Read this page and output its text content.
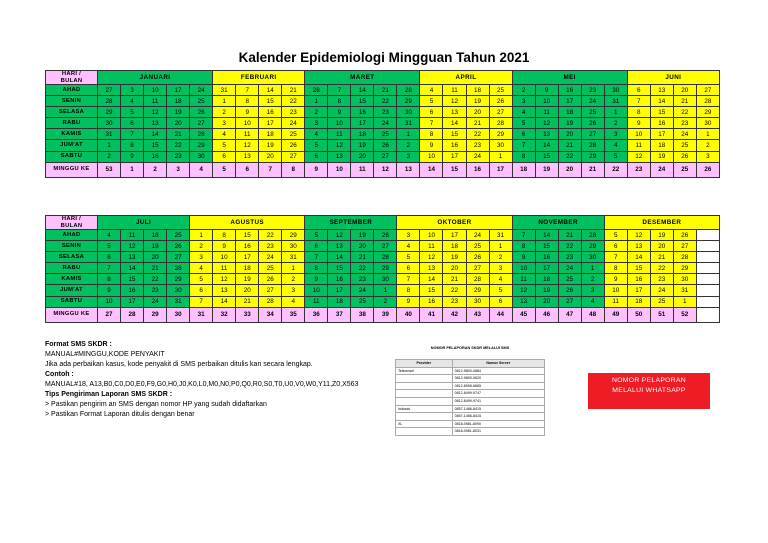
Kalender Epidemiologi Mingguan Tahun 2021
HARI /
BULAN	JANUARI					FEBRUARI				MARET					APRIL				MEI					JUNI			
AHAD	27	3	10	17	24	31	7	14	21	28	7	14	21	28	4	11	18	25	2	9	16	23	30	6	13	20	27
SENIN	28	4	11	18	25	1	8	15	22	1	8	15	22	29	5	12	19	26	3	10	17	24	31	7	14	21	28
SELASA	29	5	12	19	26	2	9	16	23	2	9	16	23	30	6	13	20	27	4	11	18	25	1	8	15	22	29
RABU	30	6	13	20	27	3	10	17	24	3	10	17	24	31	7	14	21	28	5	12	19	26	2	9	16	23	30
KAMIS	31	7	14	21	28	4	11	18	25	4	11	18	25	1	8	15	22	29	6	13	20	27	3	10	17	24	1
JUM'AT	1	8	15	22	29	5	12	19	26	5	12	19	26	2	9	16	23	30	7	14	21	28	4	11	18	25	2
SABTU	2	9	16	23	30	6	13	20	27	6	13	20	27	3	10	17	24	1	8	15	22	29	5	12	19	26	3
MINGGU KE	53	1	2	3	4	5	6	7	8	9	10	11	12	13	14	15	16	17	18	19	20	21	22	23	24	25	26
HARI /
BULAN	JULI				AGUSTUS					SEPTEMBER				OKTOBER					NOVEMBER				DESEMBER				
AHAD	4	11	18	25	1	8	15	22	29	5	12	19	26	3	10	17	24	31	7	14	21	28	5	12	19	26	
SENIN	5	12	19	26	2	9	16	23	30	6	13	20	27	4	11	18	25	1	8	15	22	29	6	13	20	27	
SELASA	6	13	20	27	3	10	17	24	31	7	14	21	28	5	12	19	26	2	9	16	23	30	7	14	21	28	
RABU	7	14	21	28	4	11	18	25	1	8	15	22	29	6	13	20	27	3	10	17	24	1	8	15	22	29	
KAMIS	8	15	22	29	5	12	19	26	2	9	16	23	30	7	14	21	28	4	11	18	25	2	9	16	23	30	
JUM'AT	9	16	23	30	6	13	20	27	3	10	17	24	1	8	15	22	29	5	12	19	26	3	10	17	24	31	
SABTU	10	17	24	31	7	14	21	28	4	11	18	25	2	9	16	23	30	6	13	20	27	4	11	18	25	1	
MINGGU KE	27	28	29	30	31	32	33	34	35	36	37	38	39	40	41	42	43	44	45	46	47	48	49	50	51	52	
Format SMS SKDR :
MANUAL#MINGGU,KODE PENYAKIT
Jika ada perbaikan kasus, kode penyakit di SMS perbaikan ditulis kan secara lengkap.
Contoh :
MANUAL#18, A13,B0,C0,D0,E0,F9,G0,H0,J0,K0,L0,M0,N0,P0,Q0,R0,S0,T0,U0,V0,W0,Y11,Z0,X563
Tips Pengiriman Laporan SMS SKDR :
> Pastikan pengirim an SMS dengan nomor HP yang sudah didaftarkan
> Pastikan Format Laporan ditulis dengan benar
NOMOR PELAPORAN SKDR MELALUI SMS
Provider	Nomor Server
Telkomsel	0812-9800-0884
	0812-9800-0620
	0812-8958-6665
	0812-8499-9747
	0812-8499-9741
Indosat	0857-1486-8415
	0857-1486-8415
XL	0818-0981-8090
	0818-0981-8031
NOMOR PELAPORAN
MELALUI WHATSAPP
